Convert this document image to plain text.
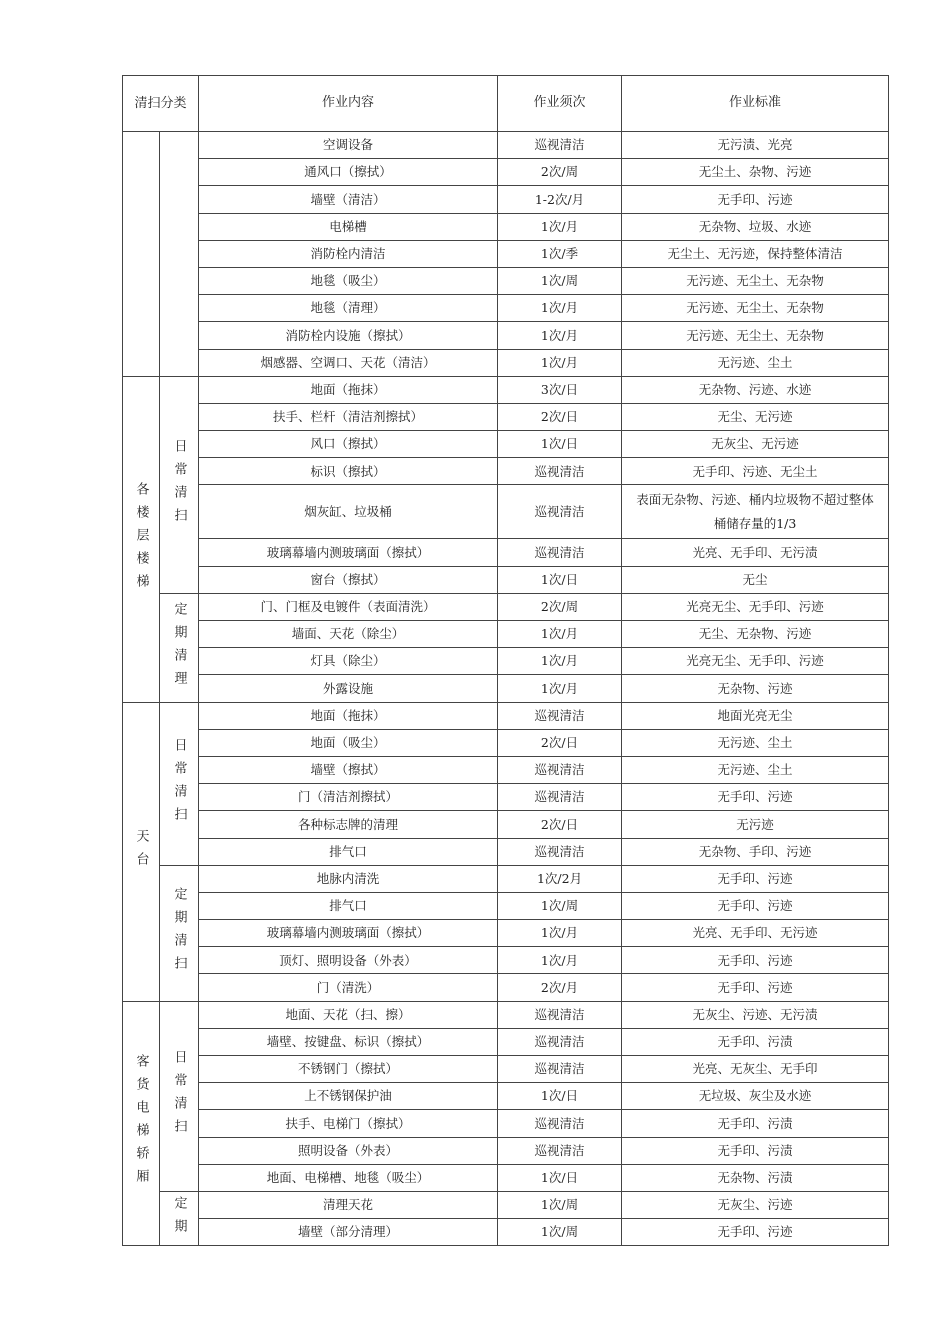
清扫分类		作业内容	作业须次	作业标准
		空调设备	巡视清洁	无污渍、光亮
		通风口（擦拭）	2次/周	无尘土、杂物、污迹
		墙壁（清洁）	1-2次/月	无手印、污迹
		电梯槽	1次/月	无杂物、垃圾、水迹
		消防栓内清洁	1次/季	无尘土、无污迹，保持整体清洁
		地毯（吸尘）	1次/周	无污迹、无尘土、无杂物
		地毯（清理）	1次/月	无污迹、无尘土、无杂物
		消防栓内设施（擦拭）	1次/月	无污迹、无尘土、无杂物
		烟感器、空调口、天花（清洁）	1次/月	无污迹、尘土
各楼层楼梯	日常清扫	地面（拖抹）	3次/日	无杂物、污迹、水迹
		扶手、栏杆（清洁剂擦拭）	2次/日	无尘、无污迹
		风口（擦拭）	1次/日	无灰尘、无污迹
		标识（擦拭）	巡视清洁	无手印、污迹、无尘土
		烟灰缸、垃圾桶	巡视清洁	表面无杂物、污迹、桶内垃圾物不超过整体桶储存量的1/3
		玻璃幕墙内测玻璃面（擦拭）	巡视清洁	光亮、无手印、无污渍
		窗台（擦拭）	1次/日	无尘
	定期清理	门、门框及电镀件（表面清洗）	2次/周	光亮无尘、无手印、污迹
		墙面、天花（除尘）	1次/月	无尘、无杂物、污迹
		灯具（除尘）	1次/月	光亮无尘、无手印、污迹
		外露设施	1次/月	无杂物、污迹
天台	日常清扫	地面（拖抹）	巡视清洁	地面光亮无尘
		地面（吸尘）	2次/日	无污迹、尘土
		墙壁（擦拭）	巡视清洁	无污迹、尘土
		门（清洁剂擦拭）	巡视清洁	无手印、污迹
		各种标志牌的清理	2次/日	无污迹
		排气口	巡视清洁	无杂物、手印、污迹
	定期清扫	地脉内清洗	1次/2月	无手印、污迹
		排气口	1次/周	无手印、污迹
		玻璃幕墙内测玻璃面（擦拭）	1次/月	光亮、无手印、无污迹
		顶灯、照明设备（外表）	1次/月	无手印、污迹
		门（清洗）	2次/月	无手印、污迹
客货电梯轿厢	日常清扫	地面、天花（扫、擦）	巡视清洁	无灰尘、污迹、无污渍
		墙壁、按键盘、标识（擦拭）	巡视清洁	无手印、污渍
		不锈钢门（擦拭）	巡视清洁	光亮、无灰尘、无手印
		上不锈钢保护油	1次/日	无垃圾、灰尘及水迹
		扶手、电梯门（擦拭）	巡视清洁	无手印、污渍
		照明设备（外表）	巡视清洁	无手印、污渍
		地面、电梯槽、地毯（吸尘）	1次/日	无杂物、污渍
	定期	清理天花	1次/周	无灰尘、污迹
		墙壁（部分清理）	1次/周	无手印、污迹
